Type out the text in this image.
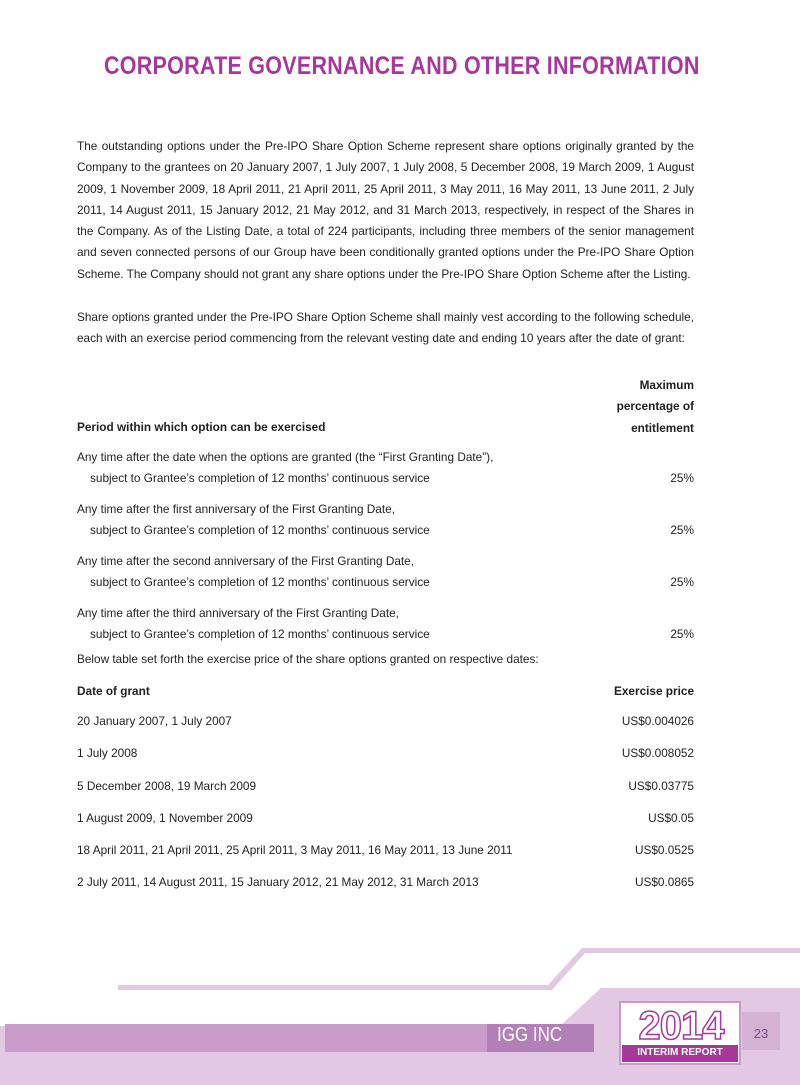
CORPORATE GOVERNANCE AND OTHER INFORMATION

The outstanding options under the Pre-IPO Share Option Scheme represent share options originally granted by the Company to the grantees on 20 January 2007, 1 July 2007, 1 July 2008, 5 December 2008, 19 March 2009, 1 August 2009, 1 November 2009, 18 April 2011, 21 April 2011, 25 April 2011, 3 May 2011, 16 May 2011, 13 June 2011, 2 July 2011, 14 August 2011, 15 January 2012, 21 May 2012, and 31 March 2013, respectively, in respect of the Shares in the Company. As of the Listing Date, a total of 224 participants, including three members of the senior management and seven connected persons of our Group have been conditionally granted options under the Pre-IPO Share Option Scheme. The Company should not grant any share options under the Pre-IPO Share Option Scheme after the Listing.

Share options granted under the Pre-IPO Share Option Scheme shall mainly vest according to the following schedule, each with an exercise period commencing from the relevant vesting date and ending 10 years after the date of grant:

Period within which option can be exercised
Maximum
percentage of
entitlement
Any time after the date when the options are granted (the “First Granting Date”),
subject to Grantee’s completion of 12 months’ continuous service	25%
Any time after the first anniversary of the First Granting Date,
subject to Grantee’s completion of 12 months’ continuous service	25%
Any time after the second anniversary of the First Granting Date,
subject to Grantee’s completion of 12 months’ continuous service	25%
Any time after the third anniversary of the First Granting Date,
subject to Grantee’s completion of 12 months’ continuous service	25%
Below table set forth the exercise price of the share options granted on respective dates:
Date of grant	Exercise price
20 January 2007, 1 July 2007	US$0.004026
1 July 2008	US$0.008052
5 December 2008, 19 March 2009	US$0.03775
1 August 2009, 1 November 2009	US$0.05
18 April 2011, 21 April 2011, 25 April 2011, 3 May 2011, 16 May 2011, 13 June 2011	US$0.0525
2 July 2011, 14 August 2011, 15 January 2012, 21 May 2012, 31 March 2013	US$0.0865
IGG INC	2014
INTERIM REPORT
23
